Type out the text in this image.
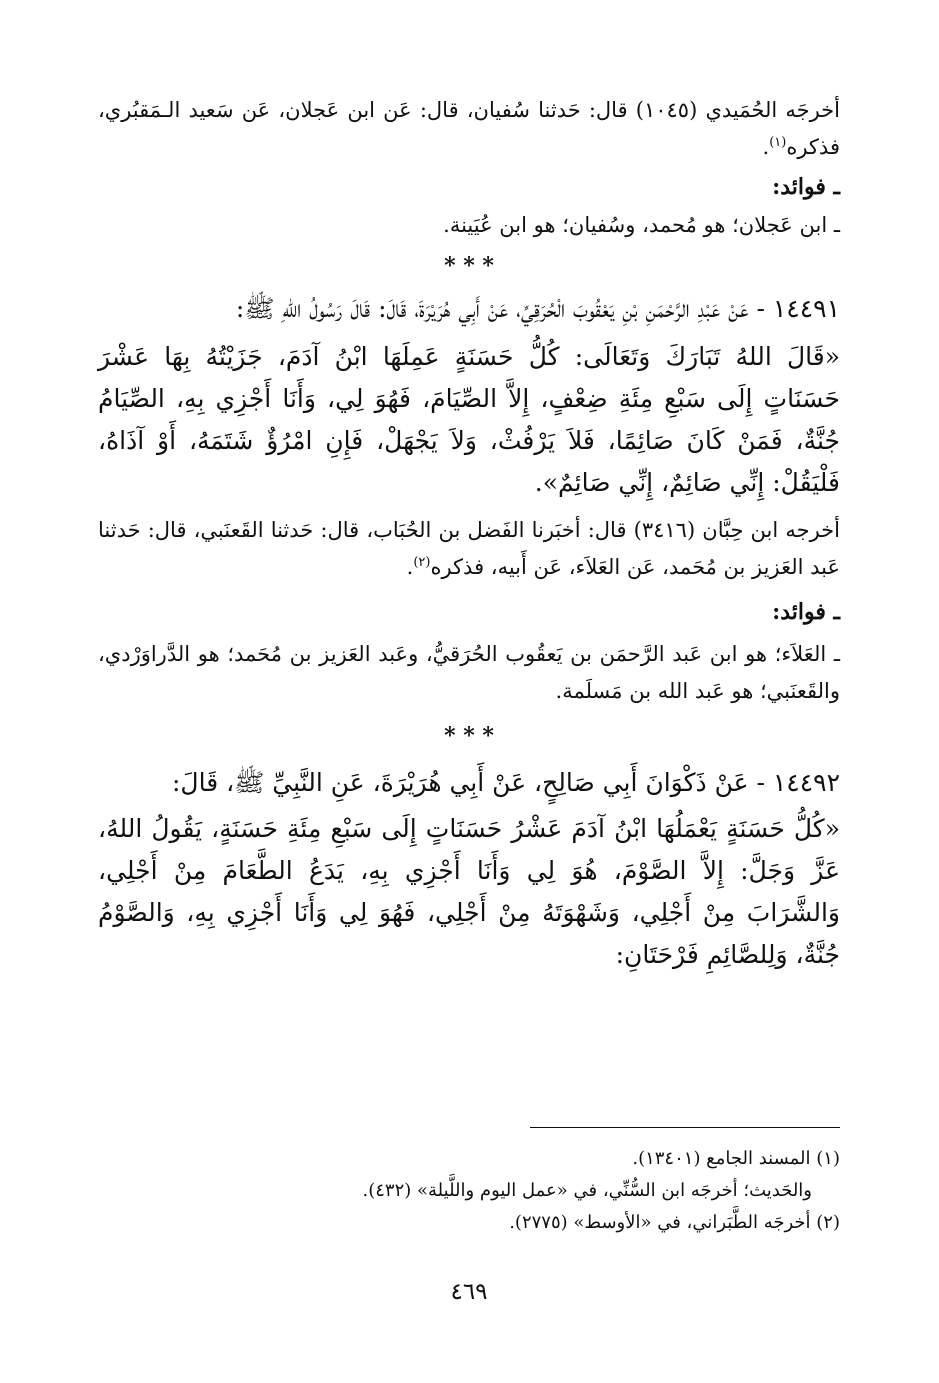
أخرجَه الحُمَيدي (١٠٤٥) قال: حَدثنا سُفيان، قال: عَن ابن عَجلان، عَن سَعيد الـمَقبُري، فذكره$^{(١)}$.

ـ فوائد:

ـ ابن عَجلان؛ هو مُحمد، وسُفيان؛ هو ابن عُيَينة.

* * *

١٤٤٩١ - عَنْ عَبْدِ الرَّحْمَنِ بْنِ يَعْقُوبَ الْحُرَقِيِّ، عَنْ أَبِي هُرَيْرَةَ، قَالَ: قَالَ رَسُولُ اللهِ ﷺ:

«قَالَ اللهُ تَبَارَكَ وَتَعَالَى: كُلُّ حَسَنَةٍ عَمِلَهَا ابْنُ آدَمَ، جَزَيْتُهُ بِهَا عَشْرَ حَسَنَاتٍ إِلَى سَبْعِ مِئَةِ ضِعْفٍ، إِلاَّ الصِّيَامَ، فَهُوَ لِي، وَأَنَا أَجْزِي بِهِ، الصِّيَامُ جُنَّةٌ، فَمَنْ كَانَ صَائِمًا، فَلاَ يَرْفُثْ، وَلاَ يَجْهَلْ، فَإِنِ امْرُؤٌ شَتَمَهُ، أَوْ آذَاهُ، فَلْيَقُلْ: إِنِّي صَائِمٌ، إِنِّي صَائِمٌ».

أخرجه ابن حِبَّان (٣٤١٦) قال: أخبَرنا الفَضل بن الحُبَاب، قال: حَدثنا القَعنَبي، قال: حَدثنا عَبد العَزيز بن مُحَمد، عَن العَلاَء، عَن أَبيه، فذكره$^{(٢)}$.

ـ فوائد:

ـ العَلاَء؛ هو ابن عَبد الرَّحمَن بن يَعقُوب الحُرَقيُّ، وعَبد العَزيز بن مُحَمد؛ هو الدَّراوَرْدي، والقَعنَبي؛ هو عَبد الله بن مَسلَمة.

* * *

١٤٤٩٢ - عَنْ ذَكْوَانَ أَبِي صَالِحٍ، عَنْ أَبِي هُرَيْرَةَ، عَنِ النَّبِيِّ ﷺ، قَالَ:

«كُلُّ حَسَنَةٍ يَعْمَلُهَا ابْنُ آدَمَ عَشْرُ حَسَنَاتٍ إِلَى سَبْعِ مِئَةِ حَسَنَةٍ، يَقُولُ اللهُ، عَزَّ وَجَلَّ: إِلاَّ الصَّوْمَ، هُوَ لِي وَأَنَا أَجْزِي بِهِ، يَدَعُ الطَّعَامَ مِنْ أَجْلِي، وَالشَّرَابَ مِنْ أَجْلِي، وَشَهْوَتَهُ مِنْ أَجْلِي، فَهُوَ لِي وَأَنَا أَجْزِي بِهِ، وَالصَّوْمُ جُنَّةٌ، وَلِلصَّائِمِ فَرْحَتَانِ:

(١) المسند الجامع (١٣٤٠١).

والحَديث؛ أخرجَه ابن السُّنِّي، في «عمل اليوم واللَّيلة» (٤٣٢).

(٢) أخرجَه الطَّبَراني، في «الأوسط» (٢٧٧٥).

٤٦٩
